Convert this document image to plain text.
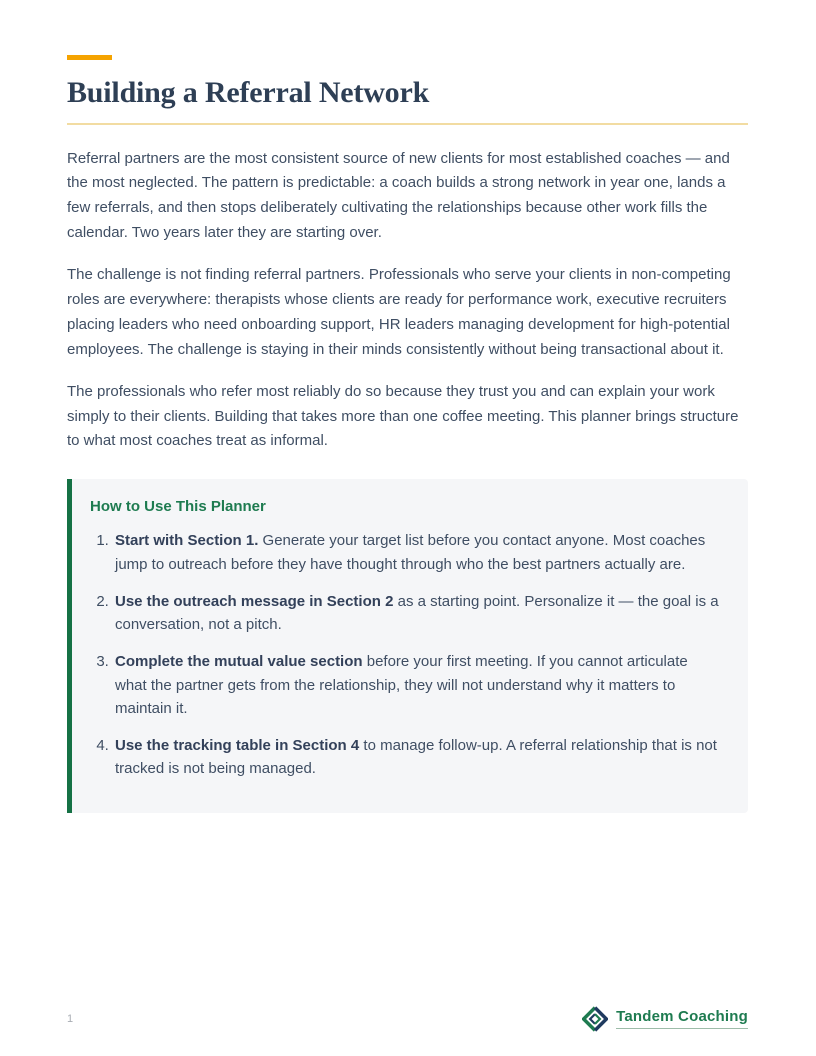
Building a Referral Network

Referral partners are the most consistent source of new clients for most established coaches — and the most neglected. The pattern is predictable: a coach builds a strong network in year one, lands a few referrals, and then stops deliberately cultivating the relationships because other work fills the calendar. Two years later they are starting over.

The challenge is not finding referral partners. Professionals who serve your clients in non-competing roles are everywhere: therapists whose clients are ready for performance work, executive recruiters placing leaders who need onboarding support, HR leaders managing development for high-potential employees. The challenge is staying in their minds consistently without being transactional about it.

The professionals who refer most reliably do so because they trust you and can explain your work simply to their clients. Building that takes more than one coffee meeting. This planner brings structure to what most coaches treat as informal.

How to Use This Planner
1. Start with Section 1. Generate your target list before you contact anyone. Most coaches jump to outreach before they have thought through who the best partners actually are.
2. Use the outreach message in Section 2 as a starting point. Personalize it — the goal is a conversation, not a pitch.
3. Complete the mutual value section before your first meeting. If you cannot articulate what the partner gets from the relationship, they will not understand why it matters to maintain it.
4. Use the tracking table in Section 4 to manage follow-up. A referral relationship that is not tracked is not being managed.
1	Tandem Coaching
